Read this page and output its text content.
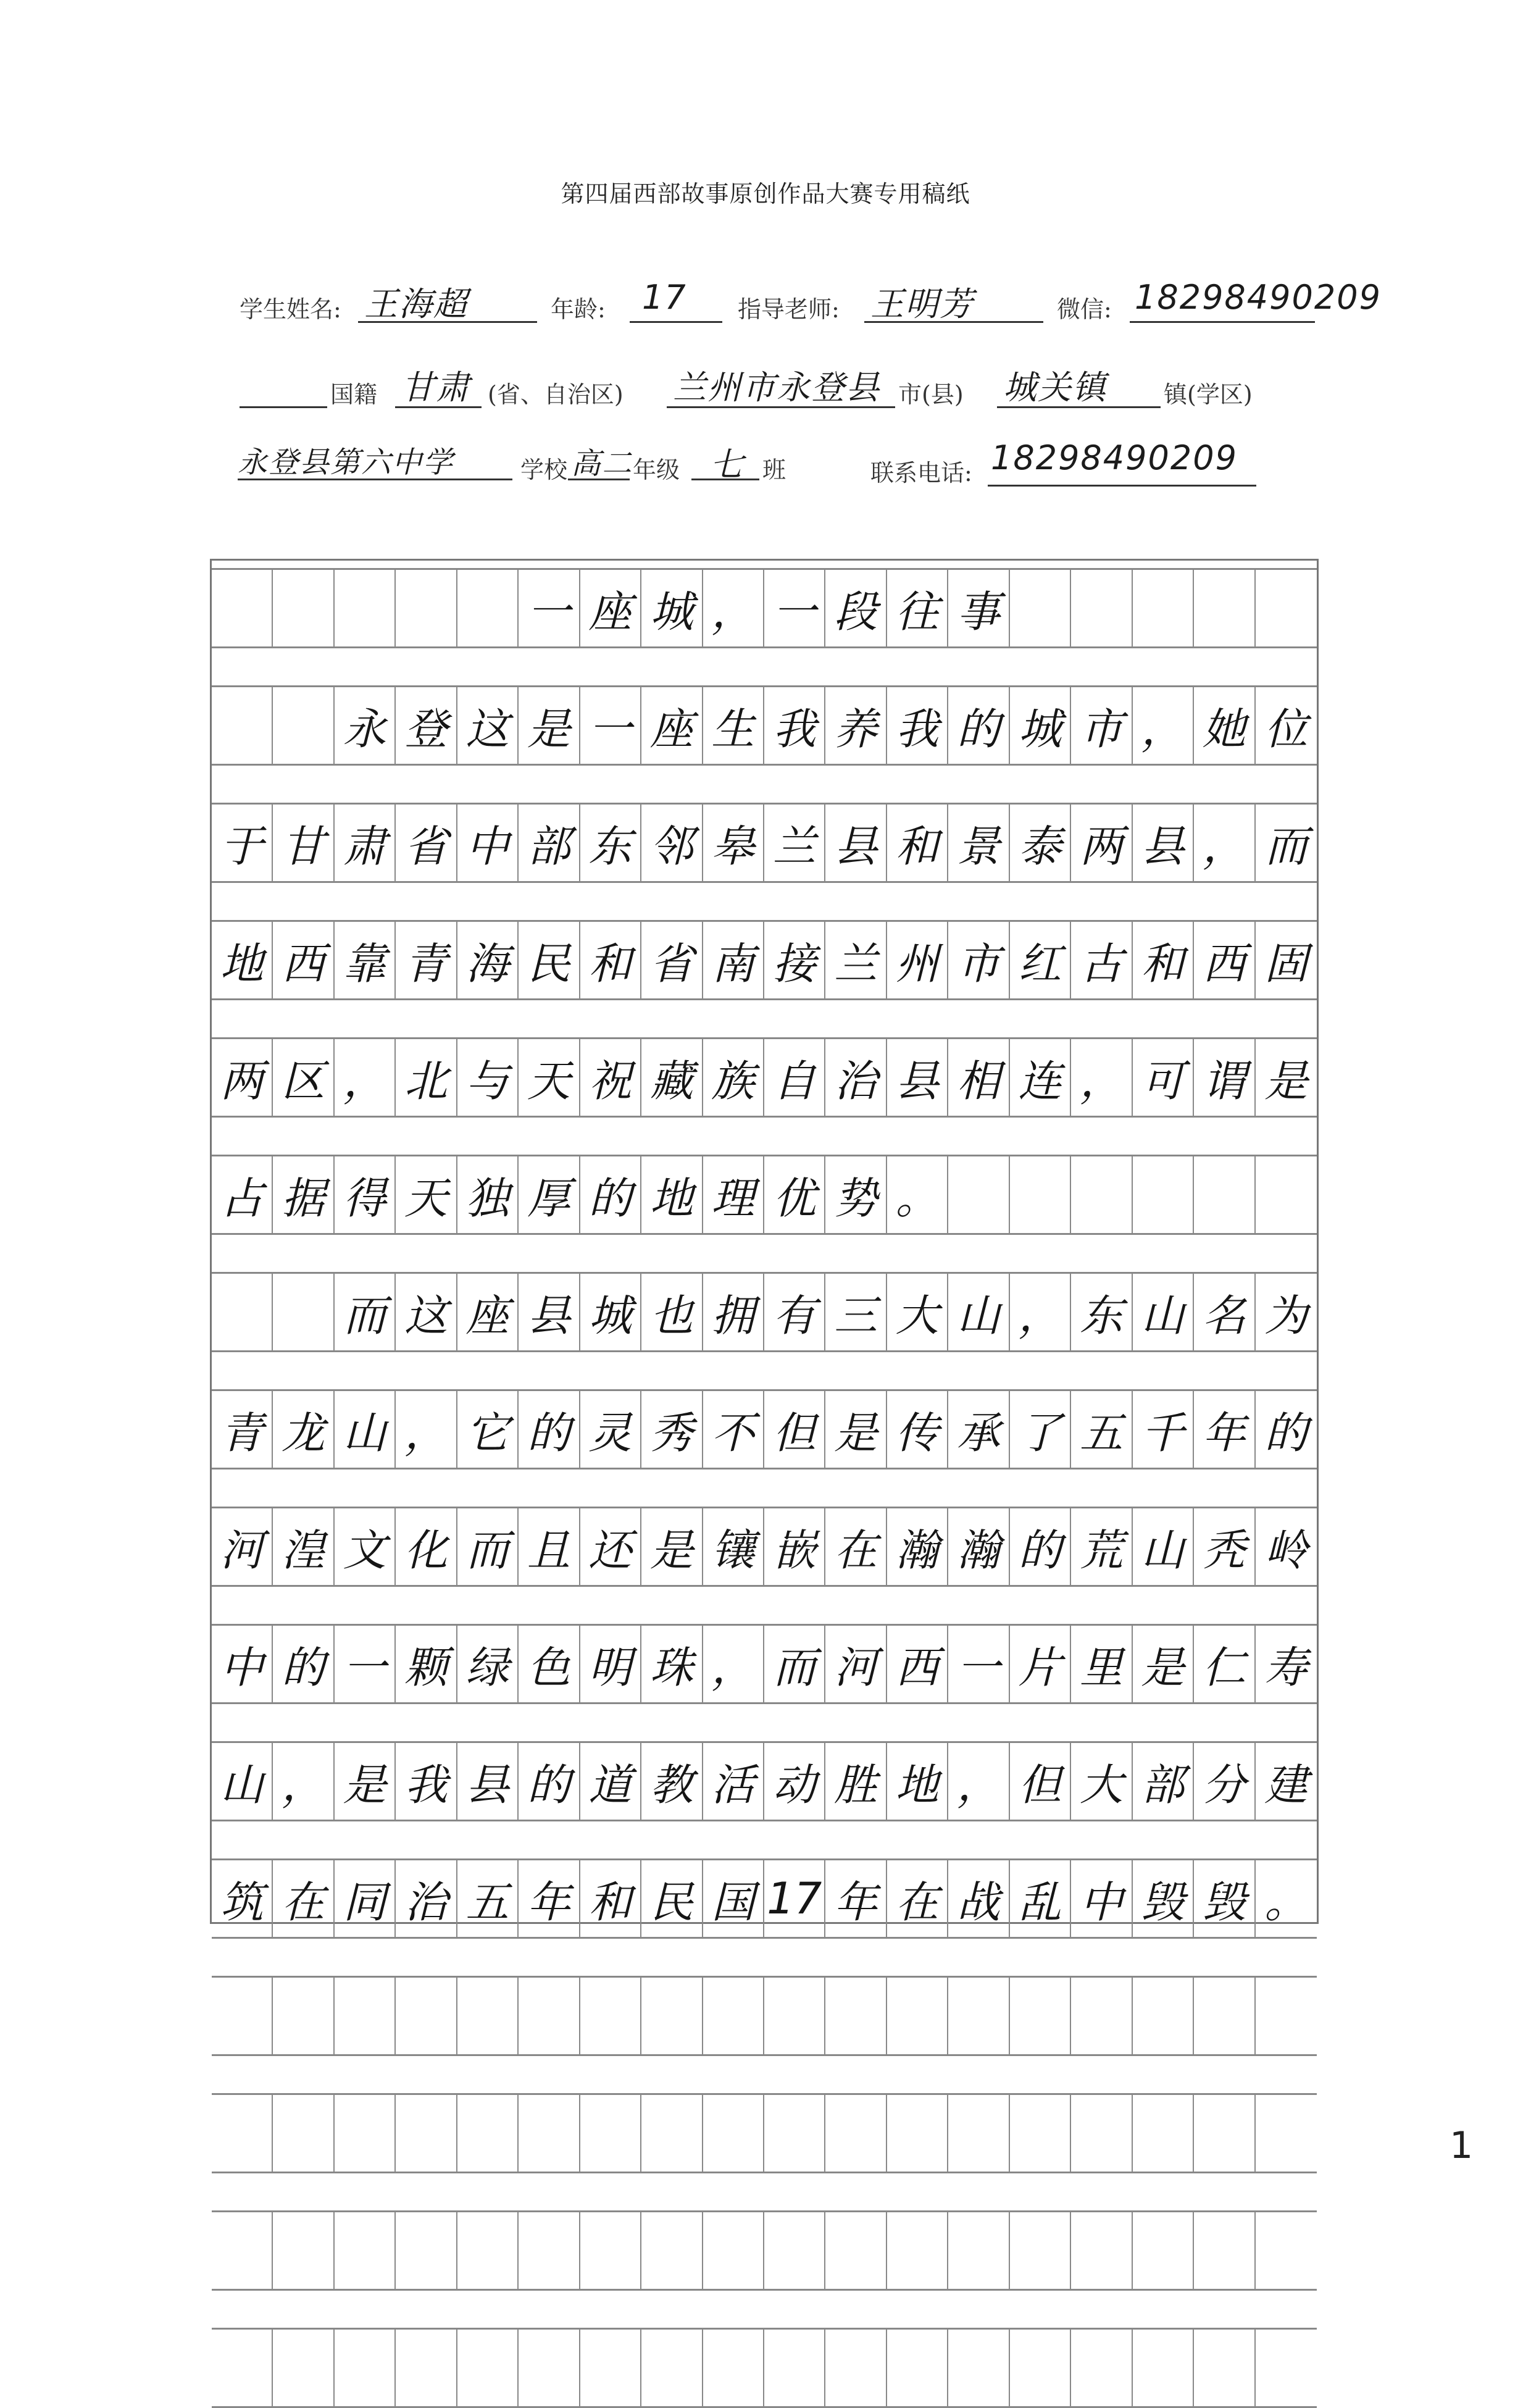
第四届西部故事原创作品大赛专用稿纸
学生姓名: 王海超	年龄: 17 指导老师: 王明芳	微信: 18298490209
国籍 甘肃 (省、自治区) 兰州市永登县 市(县) 城关镇 镇(学区)
永登县第六中学	学校 高二 年级 七 班	联系电话: 18298490209
一 座 城 ， 一 段 往 事
永 登 这 是 一 座 生 我 养 我 的 城 市 ， 她 位
于 甘 肃 省 中 部 东 邻 皋 兰 县 和 景 泰 两 县 ， 而
地 西 靠 青 海 民 和 省 南 接 兰 州 市 红 古 和 西 固
两 区 ， 北 与 天 祝 藏 族 自 治 县 相 连 ， 可 谓 是
占 据 得 天 独 厚 的 地 理 优 势 。
而 这 座 县 城 也 拥 有 三 大 山 ， 东 山 名 为
青 龙 山 ， 它 的 灵 秀 不 但 是 传 承 了 五 千 年 的
河 湟 文 化 而 且 还 是 镶 嵌 在 瀚 瀚 的 荒 山 秃 岭
中 的 一 颗 绿 色 明 珠 ， 而 河 西 一 片 里 是 仁 寿
山 ， 是 我 县 的 道 教 活 动 胜 地 ， 但 大 部 分 建
筑 在 同 治 五 年 和 民 国 17 年 在 战 乱 中 毁 毁 。
1
